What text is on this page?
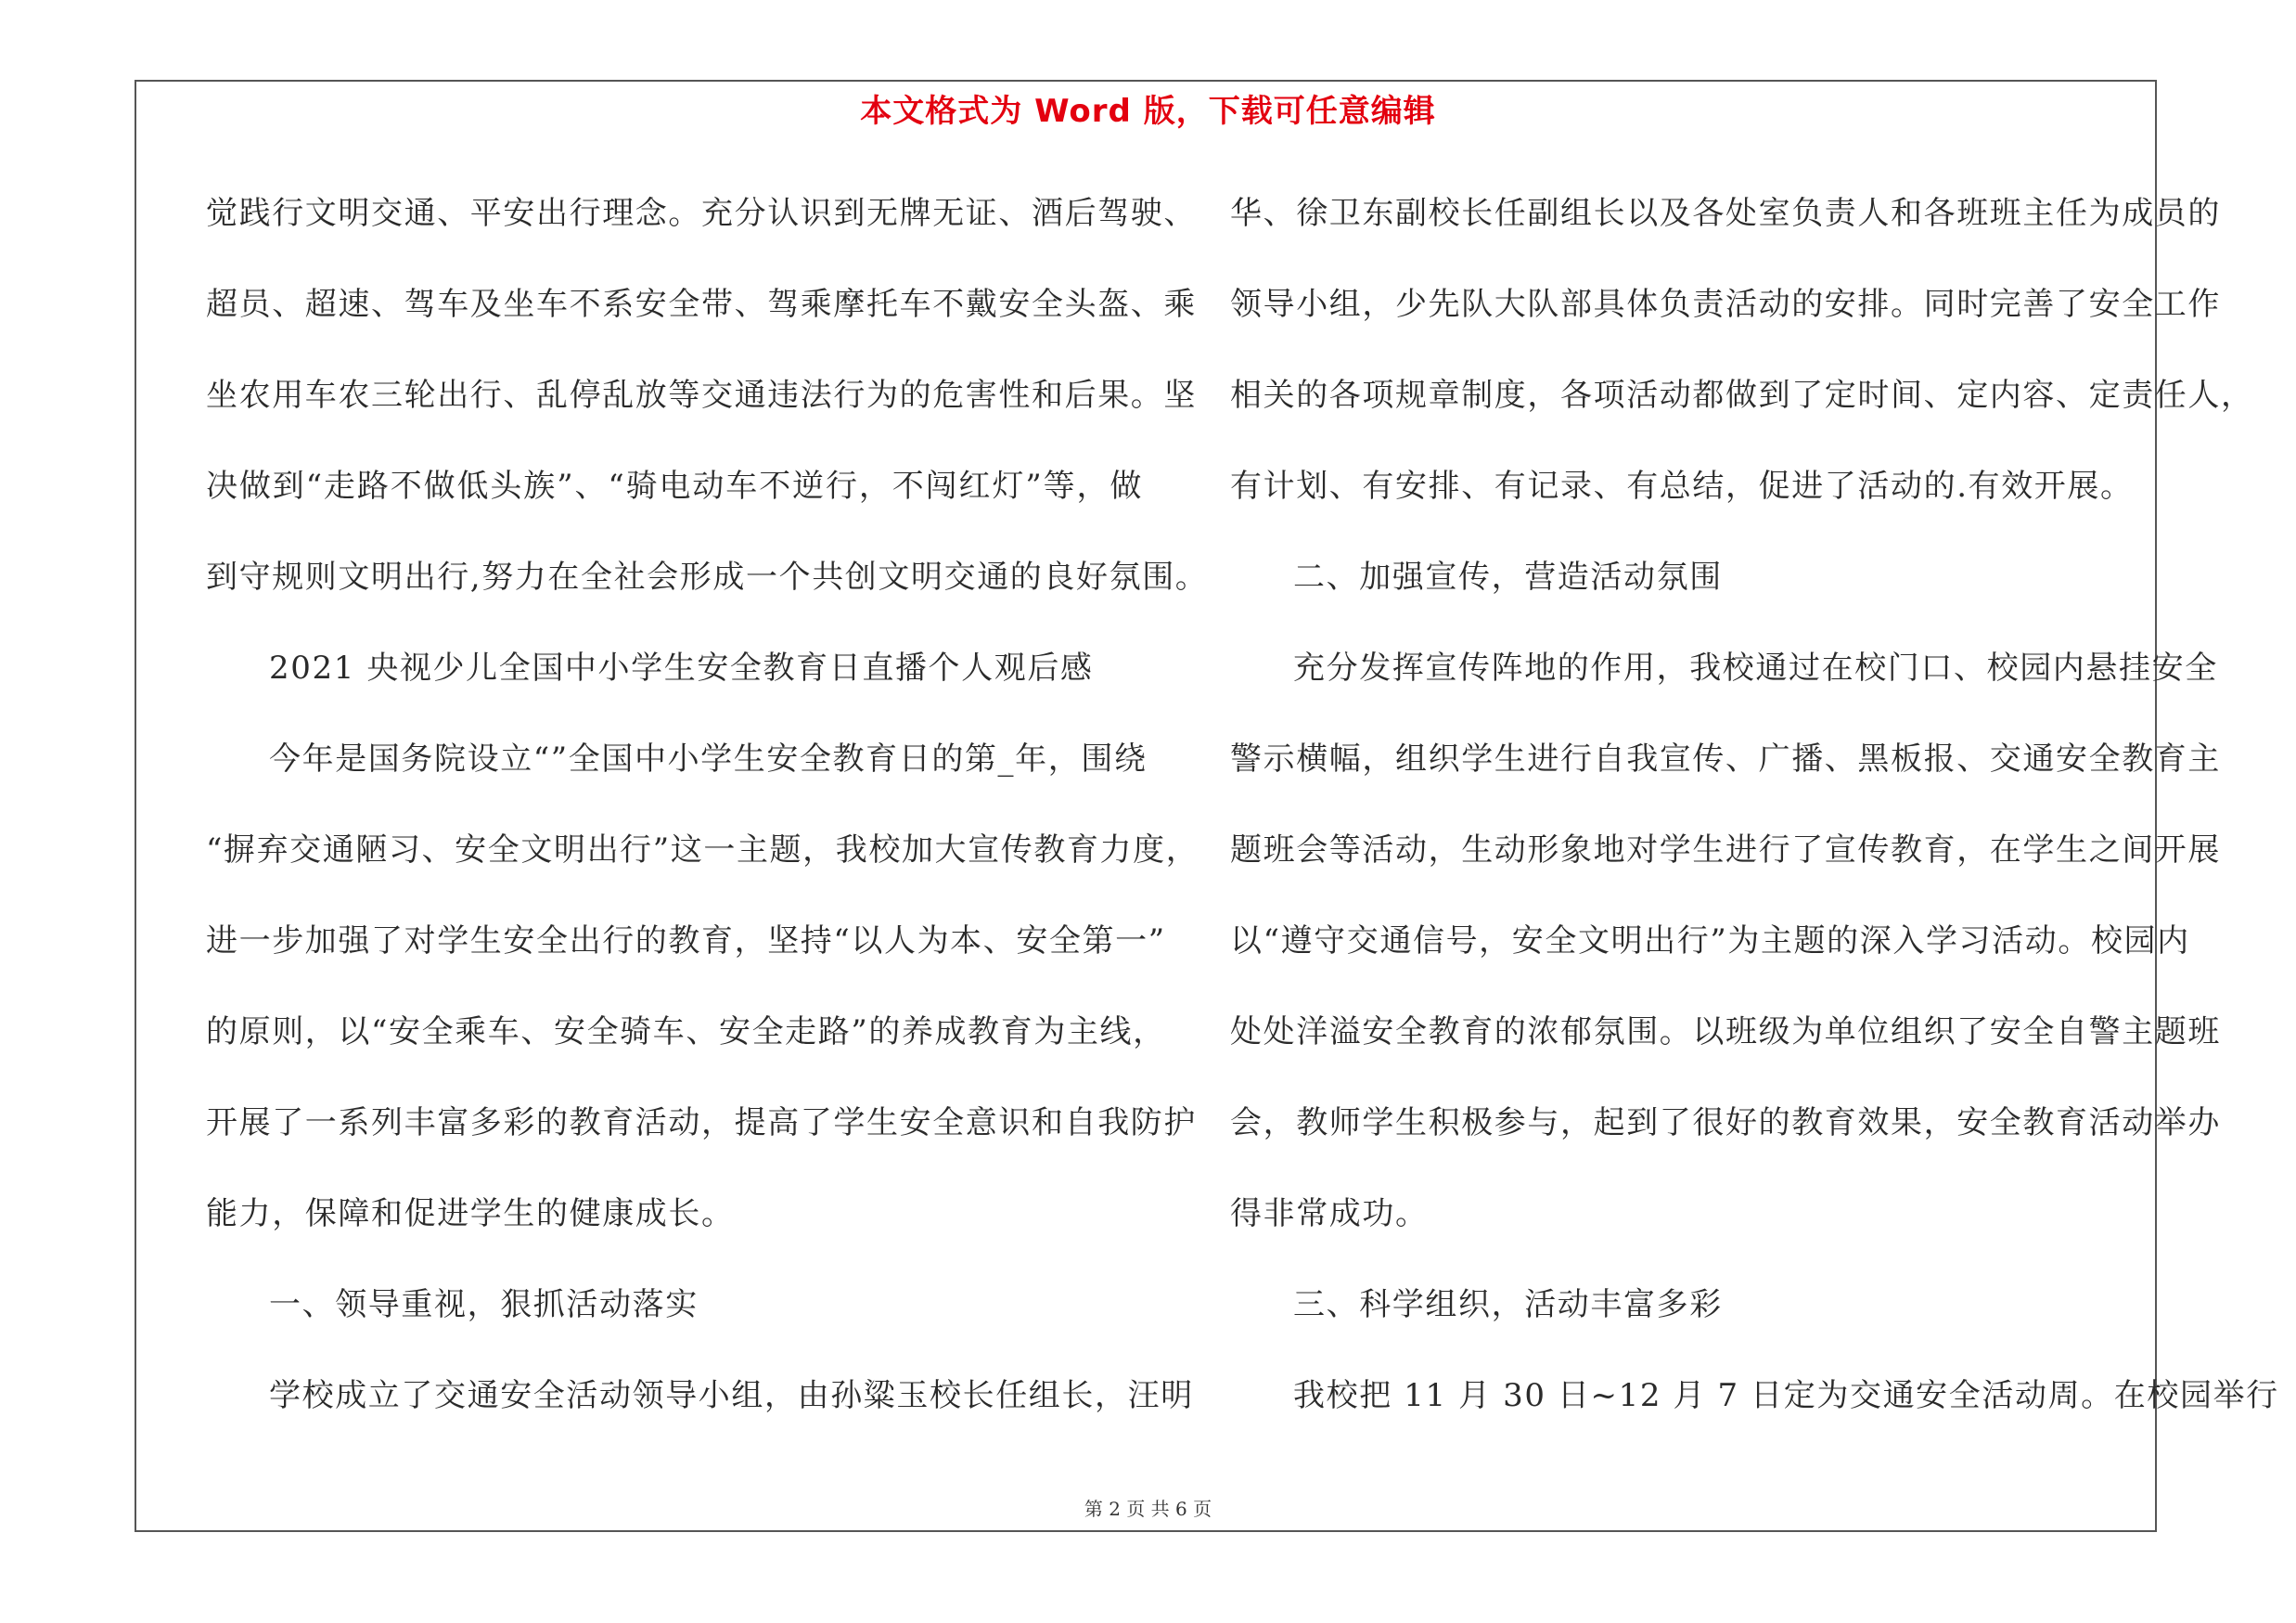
本文格式为 Word 版，下载可任意编辑
觉践行文明交通、平安出行理念。充分认识到无牌无证、酒后驾驶、
超员、超速、驾车及坐车不系安全带、驾乘摩托车不戴安全头盔、乘
坐农用车农三轮出行、乱停乱放等交通违法行为的危害性和后果。坚
决做到“走路不做低头族”、“骑电动车不逆行，不闯红灯”等，做
到守规则文明出行,努力在全社会形成一个共创文明交通的良好氛围。
2021 央视少儿全国中小学生安全教育日直播个人观后感
今年是国务院设立“”全国中小学生安全教育日的第_年，围绕
“摒弃交通陋习、安全文明出行”这一主题，我校加大宣传教育力度，
进一步加强了对学生安全出行的教育，坚持“以人为本、安全第一”
的原则，以“安全乘车、安全骑车、安全走路”的养成教育为主线，
开展了一系列丰富多彩的教育活动，提高了学生安全意识和自我防护
能力，保障和促进学生的健康成长。
一、领导重视，狠抓活动落实
学校成立了交通安全活动领导小组，由孙粱玉校长任组长，汪明
华、徐卫东副校长任副组长以及各处室负责人和各班班主任为成员的
领导小组，少先队大队部具体负责活动的安排。同时完善了安全工作
相关的各项规章制度，各项活动都做到了定时间、定内容、定责任人，
有计划、有安排、有记录、有总结，促进了活动的.有效开展。
二、加强宣传，营造活动氛围
充分发挥宣传阵地的作用，我校通过在校门口、校园内悬挂安全
警示横幅，组织学生进行自我宣传、广播、黑板报、交通安全教育主
题班会等活动，生动形象地对学生进行了宣传教育，在学生之间开展
以“遵守交通信号，安全文明出行”为主题的深入学习活动。校园内
处处洋溢安全教育的浓郁氛围。以班级为单位组织了安全自警主题班
会，教师学生积极参与，起到了很好的教育效果，安全教育活动举办
得非常成功。
三、科学组织，活动丰富多彩
我校把 11 月 30 日~12 月 7 日定为交通安全活动周。在校园举行
第 2 页 共 6 页
